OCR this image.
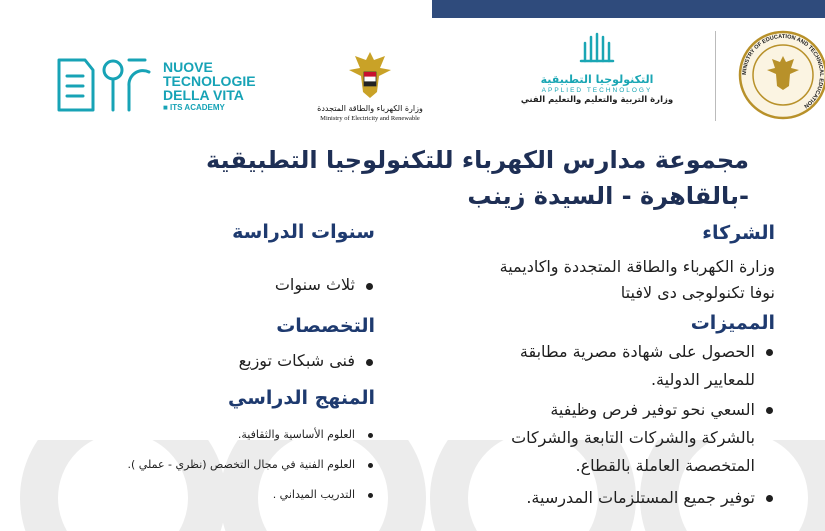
NUOVE
TECNOLOGIE
DELLA VITA
■ ITS ACADEMY	وزارة الكهرباء والطاقة المتجددة
Ministry of Electricity and Renewable
التكنولوجيا التطبيقية
APPLIED TECHNOLOGY
وزارة التربية والتعليم والتعليم الفني
MINISTRY OF EDUCATION AND TECHNICAL EDUCATION
مجموعة مدارس الكهرباء للتكنولوجيا التطبيقية
-بالقاهرة - السيدة زينب
الشركاء
وزارة الكهرباء والطاقة المتجددة واكاديمية
نوفا تكنولوجى دى لافيتا
المميزات
الحصول على شهادة مصرية مطابقة
للمعايير الدولية.
السعي نحو توفير فرص وظيفية
بالشركة والشركات التابعة والشركات
المتخصصة العاملة بالقطاع.
توفير جميع المستلزمات المدرسية.
سنوات الدراسة
ثلاث سنوات
التخصصات
فنى شبكات توزيع
المنهج الدراسي
العلوم الأساسية والثقافية.
العلوم الفنية في مجال التخصص (نظري - عملي ).
التدريب الميداني .
